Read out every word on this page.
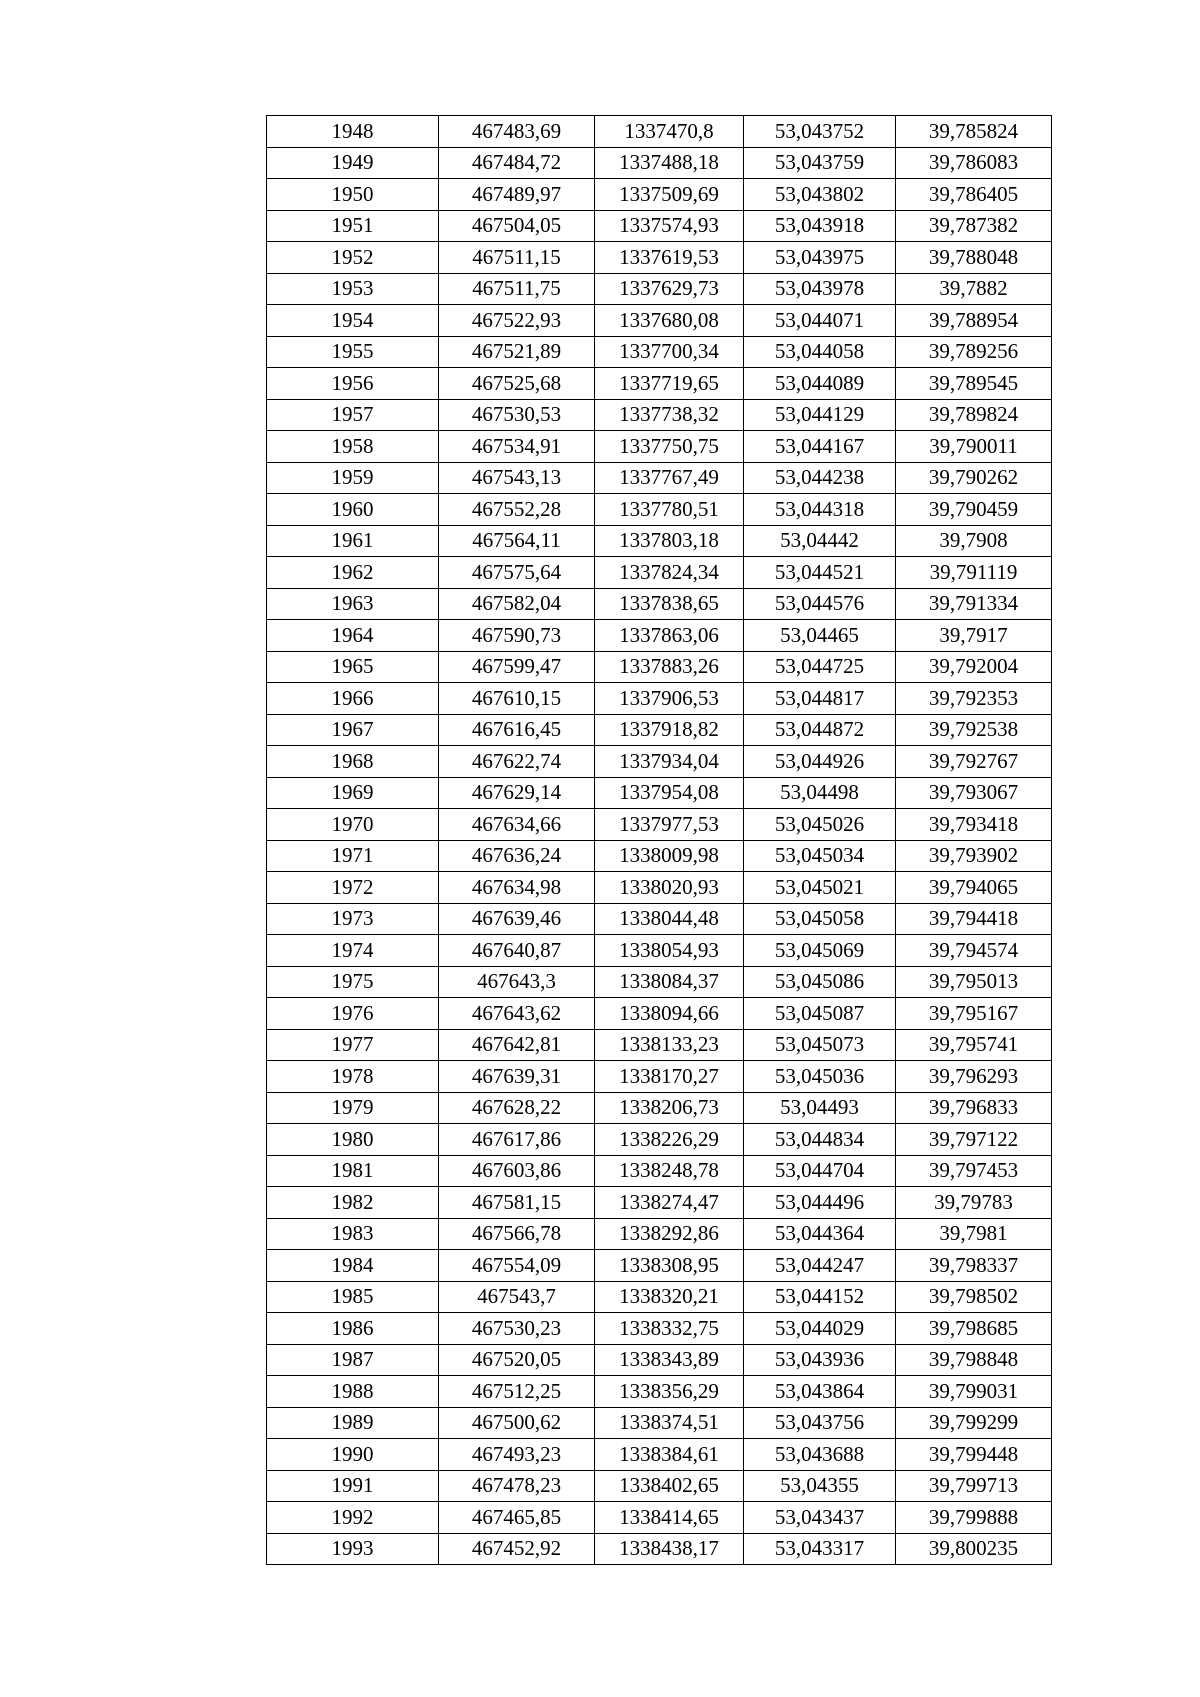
1948	467483,69	1337470,8	53,043752	39,785824
1949	467484,72	1337488,18	53,043759	39,786083
1950	467489,97	1337509,69	53,043802	39,786405
1951	467504,05	1337574,93	53,043918	39,787382
1952	467511,15	1337619,53	53,043975	39,788048
1953	467511,75	1337629,73	53,043978	39,7882
1954	467522,93	1337680,08	53,044071	39,788954
1955	467521,89	1337700,34	53,044058	39,789256
1956	467525,68	1337719,65	53,044089	39,789545
1957	467530,53	1337738,32	53,044129	39,789824
1958	467534,91	1337750,75	53,044167	39,790011
1959	467543,13	1337767,49	53,044238	39,790262
1960	467552,28	1337780,51	53,044318	39,790459
1961	467564,11	1337803,18	53,04442	39,7908
1962	467575,64	1337824,34	53,044521	39,791119
1963	467582,04	1337838,65	53,044576	39,791334
1964	467590,73	1337863,06	53,04465	39,7917
1965	467599,47	1337883,26	53,044725	39,792004
1966	467610,15	1337906,53	53,044817	39,792353
1967	467616,45	1337918,82	53,044872	39,792538
1968	467622,74	1337934,04	53,044926	39,792767
1969	467629,14	1337954,08	53,04498	39,793067
1970	467634,66	1337977,53	53,045026	39,793418
1971	467636,24	1338009,98	53,045034	39,793902
1972	467634,98	1338020,93	53,045021	39,794065
1973	467639,46	1338044,48	53,045058	39,794418
1974	467640,87	1338054,93	53,045069	39,794574
1975	467643,3	1338084,37	53,045086	39,795013
1976	467643,62	1338094,66	53,045087	39,795167
1977	467642,81	1338133,23	53,045073	39,795741
1978	467639,31	1338170,27	53,045036	39,796293
1979	467628,22	1338206,73	53,04493	39,796833
1980	467617,86	1338226,29	53,044834	39,797122
1981	467603,86	1338248,78	53,044704	39,797453
1982	467581,15	1338274,47	53,044496	39,79783
1983	467566,78	1338292,86	53,044364	39,7981
1984	467554,09	1338308,95	53,044247	39,798337
1985	467543,7	1338320,21	53,044152	39,798502
1986	467530,23	1338332,75	53,044029	39,798685
1987	467520,05	1338343,89	53,043936	39,798848
1988	467512,25	1338356,29	53,043864	39,799031
1989	467500,62	1338374,51	53,043756	39,799299
1990	467493,23	1338384,61	53,043688	39,799448
1991	467478,23	1338402,65	53,04355	39,799713
1992	467465,85	1338414,65	53,043437	39,799888
1993	467452,92	1338438,17	53,043317	39,800235
